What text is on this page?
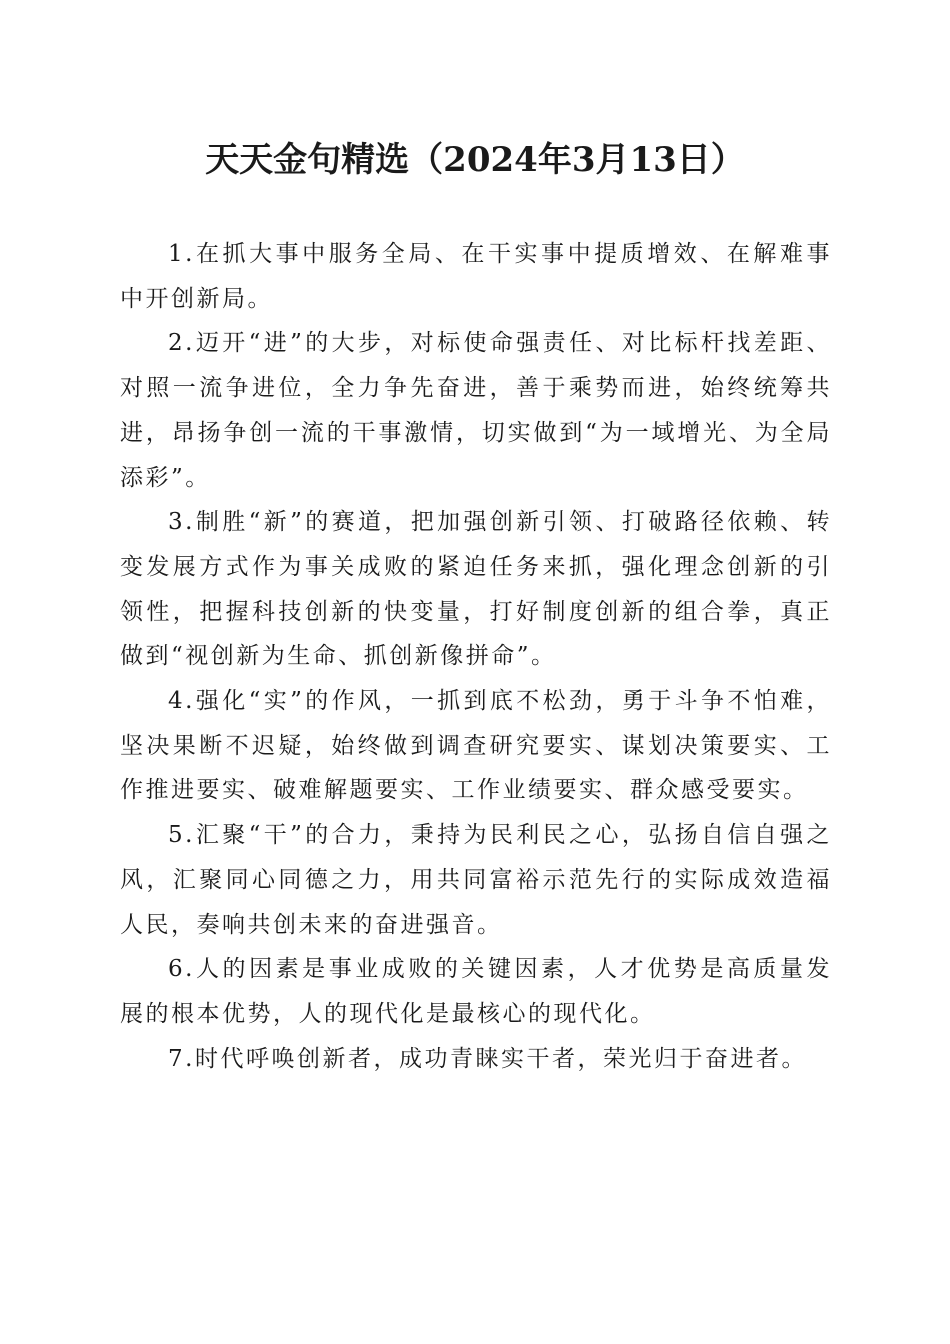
天天金句精选（2024年3月13日）

1.在抓大事中服务全局、在干实事中提质增效、在解难事中开创新局。

2.迈开“进”的大步，对标使命强责任、对比标杆找差距、对照一流争进位，全力争先奋进，善于乘势而进，始终统筹共进，昂扬争创一流的干事激情，切实做到“为一域增光、为全局添彩”。

3.制胜“新”的赛道，把加强创新引领、打破路径依赖、转变发展方式作为事关成败的紧迫任务来抓，强化理念创新的引领性，把握科技创新的快变量，打好制度创新的组合拳，真正做到“视创新为生命、抓创新像拼命”。

4.强化“实”的作风，一抓到底不松劲，勇于斗争不怕难，坚决果断不迟疑，始终做到调查研究要实、谋划决策要实、工作推进要实、破难解题要实、工作业绩要实、群众感受要实。

5.汇聚“干”的合力，秉持为民利民之心，弘扬自信自强之风，汇聚同心同德之力，用共同富裕示范先行的实际成效造福人民，奏响共创未来的奋进强音。

6.人的因素是事业成败的关键因素，人才优势是高质量发展的根本优势，人的现代化是最核心的现代化。

7.时代呼唤创新者，成功青睐实干者，荣光归于奋进者。
